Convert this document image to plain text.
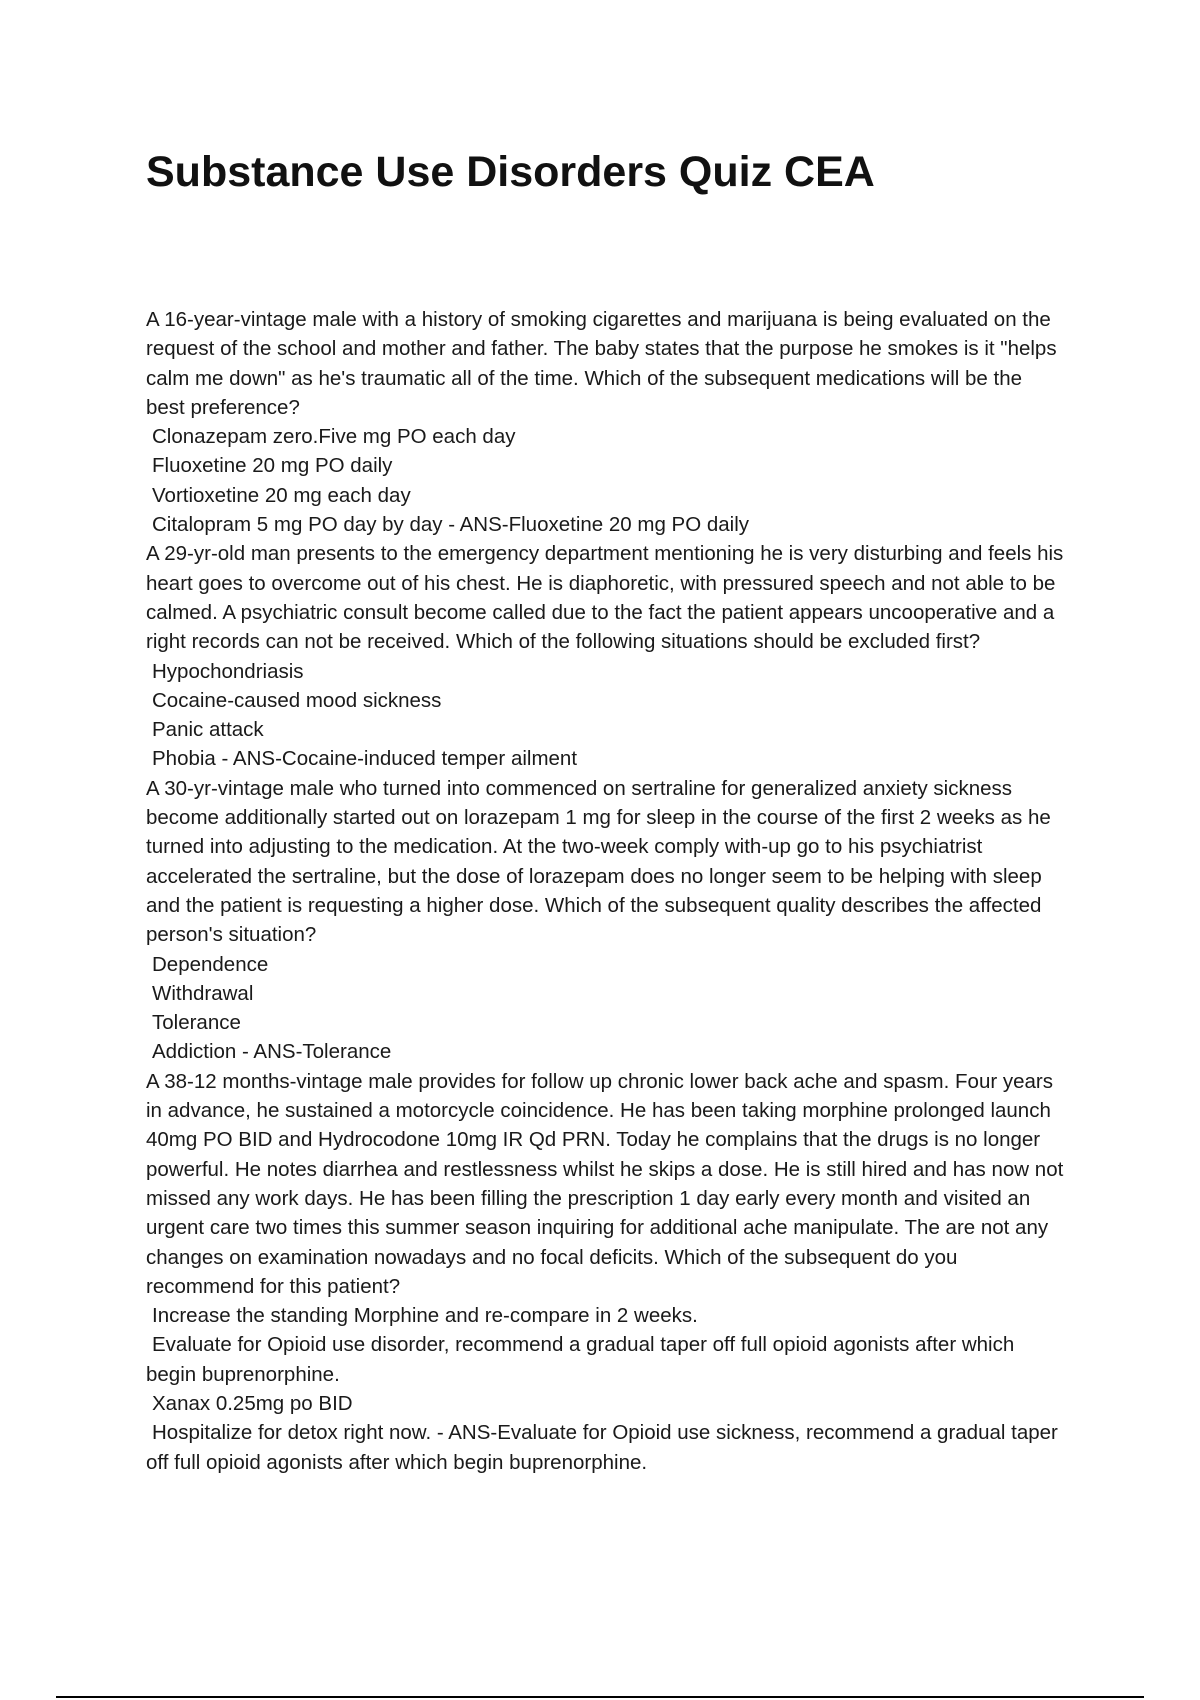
Substance Use Disorders Quiz CEA

A 16-year-vintage male with a history of smoking cigarettes and marijuana is being evaluated on the request of the school and mother and father. The baby states that the purpose he smokes is it "helps calm me down" as he's traumatic all of the time. Which of the subsequent medications will be the best preference?

Clonazepam zero.Five mg PO each day

Fluoxetine 20 mg PO daily

Vortioxetine 20 mg each day

Citalopram 5 mg PO day by day - ANS-Fluoxetine 20 mg PO daily

A 29-yr-old man presents to the emergency department mentioning he is very disturbing and feels his heart goes to overcome out of his chest. He is diaphoretic, with pressured speech and not able to be calmed. A psychiatric consult become called due to the fact the patient appears uncooperative and a right records can not be received. Which of the following situations should be excluded first?

Hypochondriasis

Cocaine-caused mood sickness

Panic attack

Phobia - ANS-Cocaine-induced temper ailment

A 30-yr-vintage male who turned into commenced on sertraline for generalized anxiety sickness become additionally started out on lorazepam 1 mg for sleep in the course of the first 2 weeks as he turned into adjusting to the medication. At the two-week comply with-up go to his psychiatrist accelerated the sertraline, but the dose of lorazepam does no longer seem to be helping with sleep and the patient is requesting a higher dose. Which of the subsequent quality describes the affected person's situation?

Dependence

Withdrawal

Tolerance

Addiction - ANS-Tolerance

A 38-12 months-vintage male provides for follow up chronic lower back ache and spasm. Four years in advance, he sustained a motorcycle coincidence. He has been taking morphine prolonged launch 40mg PO BID and Hydrocodone 10mg IR Qd PRN. Today he complains that the drugs is no longer powerful. He notes diarrhea and restlessness whilst he skips a dose. He is still hired and has now not missed any work days. He has been filling the prescription 1 day early every month and visited an urgent care two times this summer season inquiring for additional ache manipulate. The are not any changes on examination nowadays and no focal deficits. Which of the subsequent do you recommend for this patient?

Increase the standing Morphine and re-compare in 2 weeks.

Evaluate for Opioid use disorder, recommend a gradual taper off full opioid agonists after which begin buprenorphine.

Xanax 0.25mg po BID

Hospitalize for detox right now. - ANS-Evaluate for Opioid use sickness, recommend a gradual taper off full opioid agonists after which begin buprenorphine.
